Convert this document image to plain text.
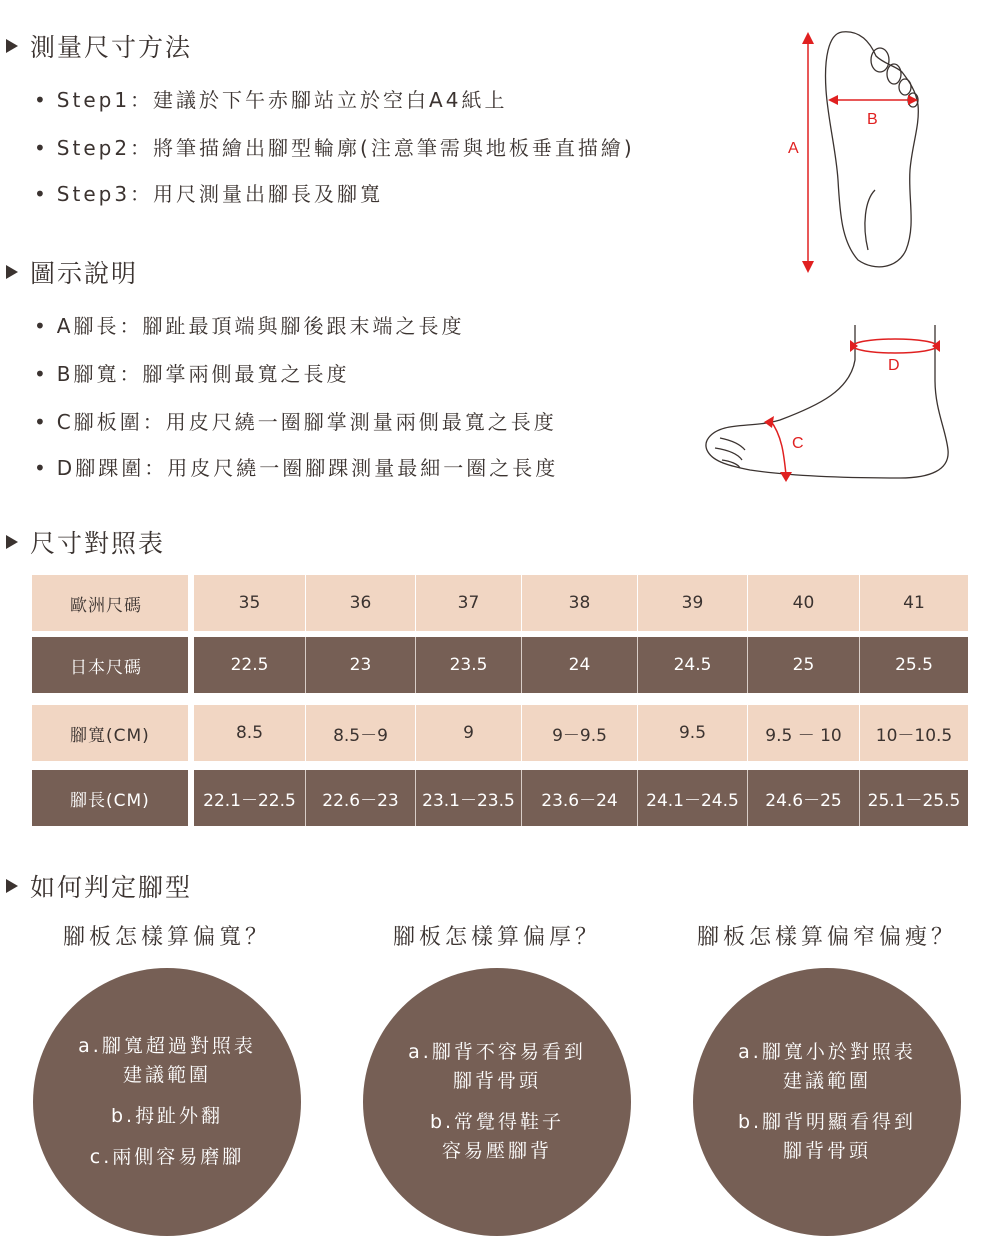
測量尺寸方法
• Step1：建議於下午赤腳站立於空白A4紙上
• Step2：將筆描繪出腳型輪廓(注意筆需與地板垂直描繪)
• Step3：用尺測量出腳長及腳寬
A
B
圖示說明
• A腳長：腳趾最頂端與腳後跟末端之長度
• B腳寬：腳掌兩側最寬之長度
• C腳板圍：用皮尺繞一圈腳掌測量兩側最寬之長度
• D腳踝圍：用皮尺繞一圈腳踝測量最細一圈之長度
D
C
尺寸對照表
歐洲尺碼	35	36	37	38	39	40	41
日本尺碼	22.5	23	23.5	24	24.5	25	25.5
腳寬(CM)	8.5	8.5－9	9	9－9.5	9.5	9.5 － 10	10－10.5
腳長(CM)	22.1－22.5	22.6－23	23.1－23.5	23.6－24	24.1－24.5	24.6－25	25.1－25.5
如何判定腳型
腳板怎樣算偏寬？
a.腳寬超過對照表
建議範圍
b.拇趾外翻
c.兩側容易磨腳
腳板怎樣算偏厚？
a.腳背不容易看到
腳背骨頭
b.常覺得鞋子
容易壓腳背
腳板怎樣算偏窄偏瘦？
a.腳寬小於對照表
建議範圍
b.腳背明顯看得到
腳背骨頭
